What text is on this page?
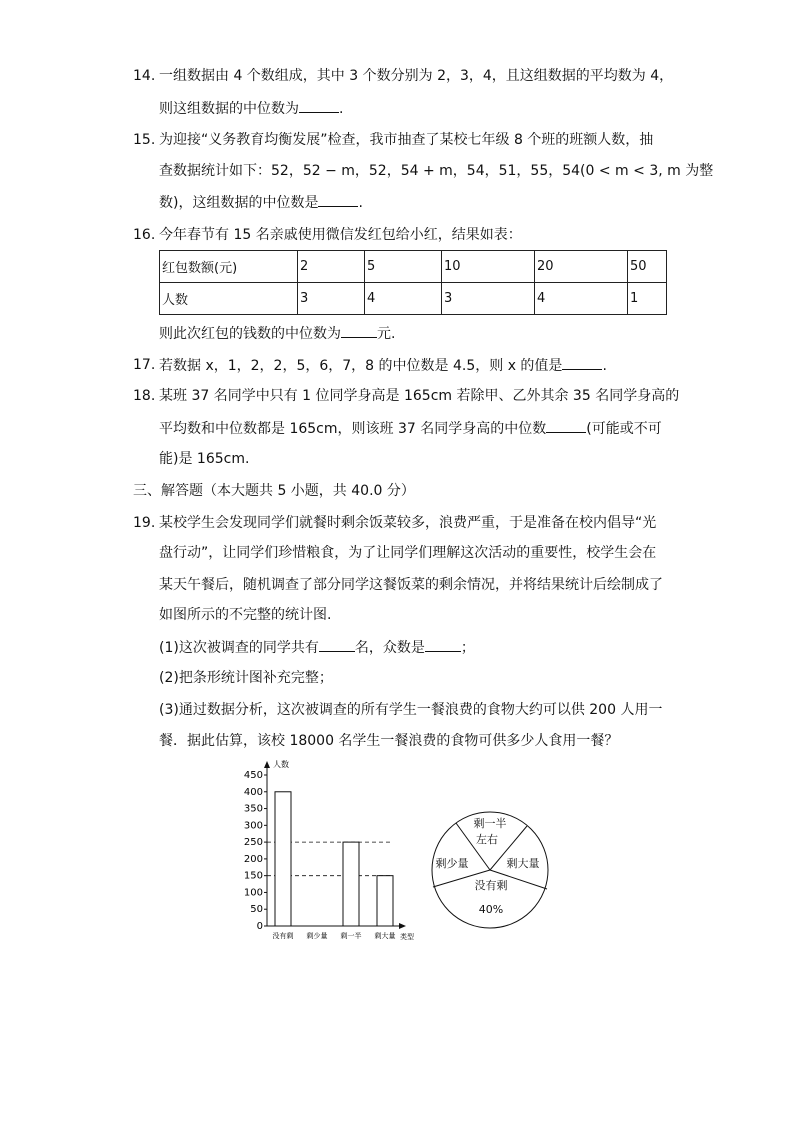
14. 一组数据由 4 个数组成，其中 3 个数分别为 2，3，4，且这组数据的平均数为 4，
则这组数据的中位数为	.
15. 为迎接“义务教育均衡发展”检查，我市抽查了某校七年级 8 个班的班额人数，抽
查数据统计如下：52，52 − m，52，54 + m，54，51，55，54(0 < m < 3, m 为整
数)，这组数据的中位数是	.
16. 今年春节有 15 名亲戚使用微信发红包给小红，结果如表：
红包数额(元)	2	5	10	20	50
人数	3	4	3	4	1
则此次红包的钱数的中位数为	元.
17. 若数据 x，1，2，2，5，6，7，8 的中位数是 4.5，则 x 的值是	.
18. 某班 37 名同学中只有 1 位同学身高是 165cm 若除甲、乙外其余 35 名同学身高的
平均数和中位数都是 165cm，则该班 37 名同学身高的中位数	(可能或不可
能)是 165cm.
三、解答题（本大题共 5 小题，共 40.0 分）
19. 某校学生会发现同学们就餐时剩余饭菜较多，浪费严重，于是准备在校内倡导“光
盘行动”，让同学们珍惜粮食，为了让同学们理解这次活动的重要性，校学生会在
某天午餐后，随机调查了部分同学这餐饭菜的剩余情况，并将结果统计后绘制成了
如图所示的不完整的统计图.
(1)这次被调查的同学共有	名，众数是	；
(2)把条形统计图补充完整；
(3)通过数据分析，这次被调查的所有学生一餐浪费的食物大约可以供 200 人用一
餐．据此估算，该校 18000 名学生一餐浪费的食物可供多少人食用一餐？
人数
类型
0
50
100
150
200
250
300
350
400
450
没有剩 剩少量 剩一半 剩大量
剩一半
左右
剩少量	剩大量
没有剩
40%
